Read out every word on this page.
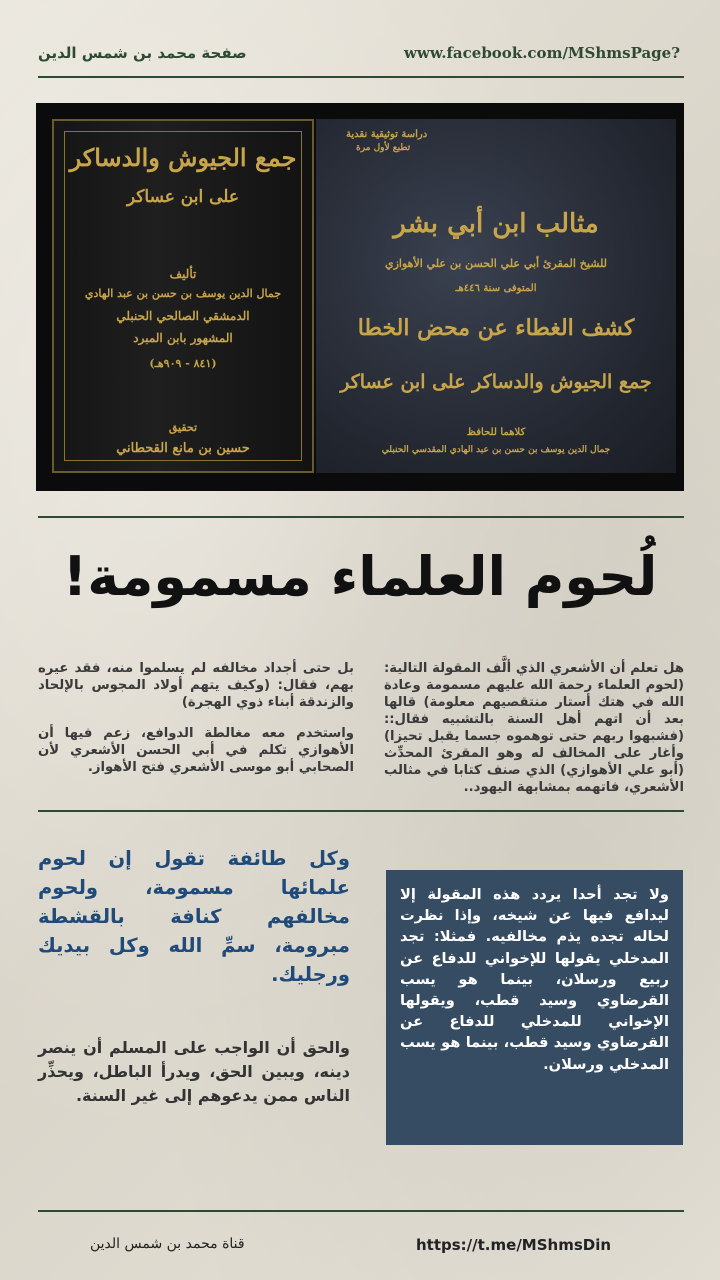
صفحة محمد بن شمس الدين	www.facebook.com/MShmsPage?
جمع الجيوش والدساكر
على ابن عساكر
تأليف
جمال الدين يوسف بن حسن بن عبد الهادي
الدمشقي الصالحي الحنبلي
المشهور بابن المبرد
(٨٤١ - ٩٠٩هـ)
تحقيق
حسين بن مانع القحطاني
دراسة توثيقية نقدية
تطبع لأول مرة
مثالب ابن أبي بشر
للشيخ المقرئ أبي علي الحسن بن علي الأهوازي
المتوفى سنة ٤٤٦هـ
كشف الغطاء عن محض الخطا
جمع الجيوش والدساكر على ابن عساكر
كلاهما للحافظ
جمال الدين يوسف بن حسن بن عبد الهادي المقدسي الحنبلي
لُحوم العلماء مسمومة!

هل تعلم أن الأشعري الذي ألَّف المقولة التالية: (لحوم العلماء رحمة الله عليهم مسمومة وعادة الله في هتك أستار منتقصيهم معلومة) قالها بعد أن اتهم أهل السنة بالتشبيه فقال:: (فشبهوا ربهم حتى توهموه جسما يقبل تحيزا) وأغار على المخالف له وهو المقرئ المحدِّث (أبو علي الأهوازي) الذي صنف كتابا في مثالب الأشعري، فاتهمه بمشابهة اليهود..

بل حتى أجداد مخالفه لم يسلموا منه، فقد عيره بهم، فقال: (وكيف يتهم أولاد المجوس بالإلحاد والزندقة أبناء ذوي الهجرة)

واستخدم معه مغالطة الدوافع، زعم فيها أن الأهوازي تكلم في أبي الحسن الأشعري لأن الصحابي أبو موسى الأشعري فتح الأهواز.

وكل طائفة تقول إن لحوم علمائها مسمومة، ولحوم مخالفهم كنافة بالقشطة مبرومة، سمِّ الله وكل بيديك ورجليك.
والحق أن الواجب على المسلم أن ينصر دينه، ويبين الحق، ويدرأ الباطل، ويحذِّر الناس ممن يدعوهم إلى غير السنة.
ولا تجد أحدا يردد هذه المقولة إلا ليدافع فيها عن شيخه، وإذا نظرت لحاله تجده يذم مخالفيه. فمثلا: تجد المدخلي يقولها للإخواني للدفاع عن ربيع ورسلان، بينما هو يسب القرضاوي وسيد قطب، ويقولها الإخواني للمدخلي للدفاع عن القرضاوي وسيد قطب، بينما هو يسب المدخلي ورسلان.
قناة محمد بن شمس الدين	https://t.me/MShmsDin
